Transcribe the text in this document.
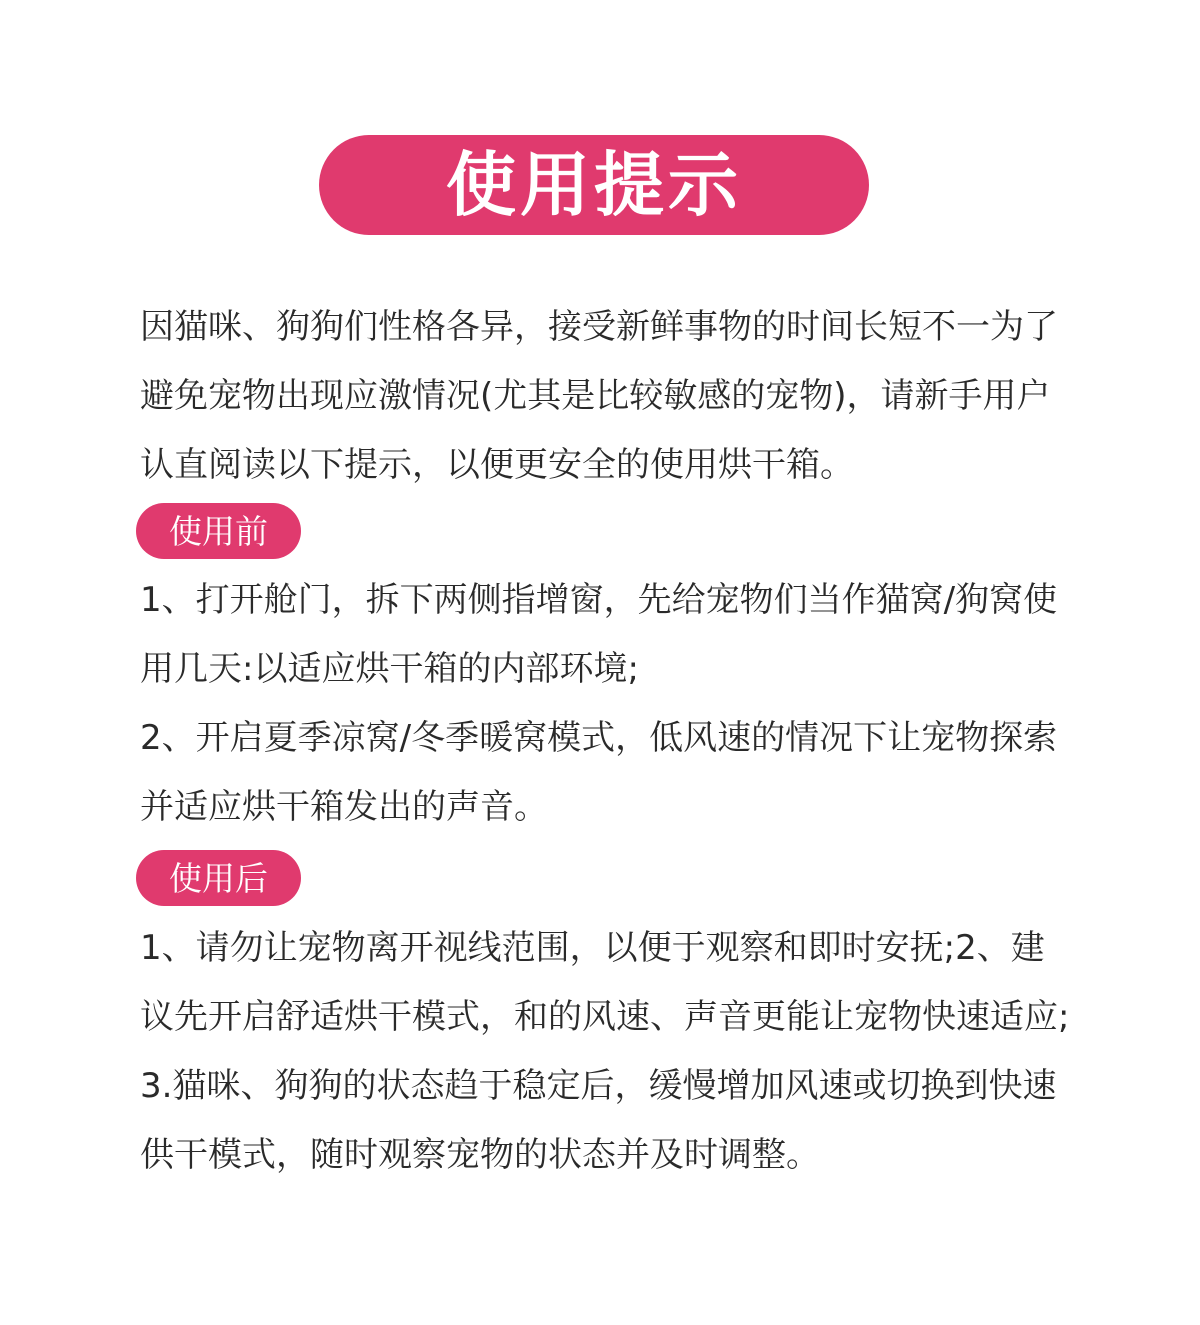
使用提示
因猫咪、狗狗们性格各异，接受新鲜事物的时间长短不一为了
避免宠物出现应激情况(尤其是比较敏感的宠物)，请新手用户
认直阅读以下提示，以便更安全的使用烘干箱。
使用前
1、打开舱门，拆下两侧指增窗，先给宠物们当作猫窝/狗窝使
用几天:以适应烘干箱的内部环境;
2、开启夏季凉窝/冬季暖窝模式，低风速的情况下让宠物探索
并适应烘干箱发出的声音。
使用后
1、请勿让宠物离开视线范围，以便于观察和即时安抚;2、建
议先开启舒适烘干模式，和的风速、声音更能让宠物快速适应;
3.猫咪、狗狗的状态趋于稳定后，缓慢增加风速或切换到快速
供干模式，随时观察宠物的状态并及时调整。
